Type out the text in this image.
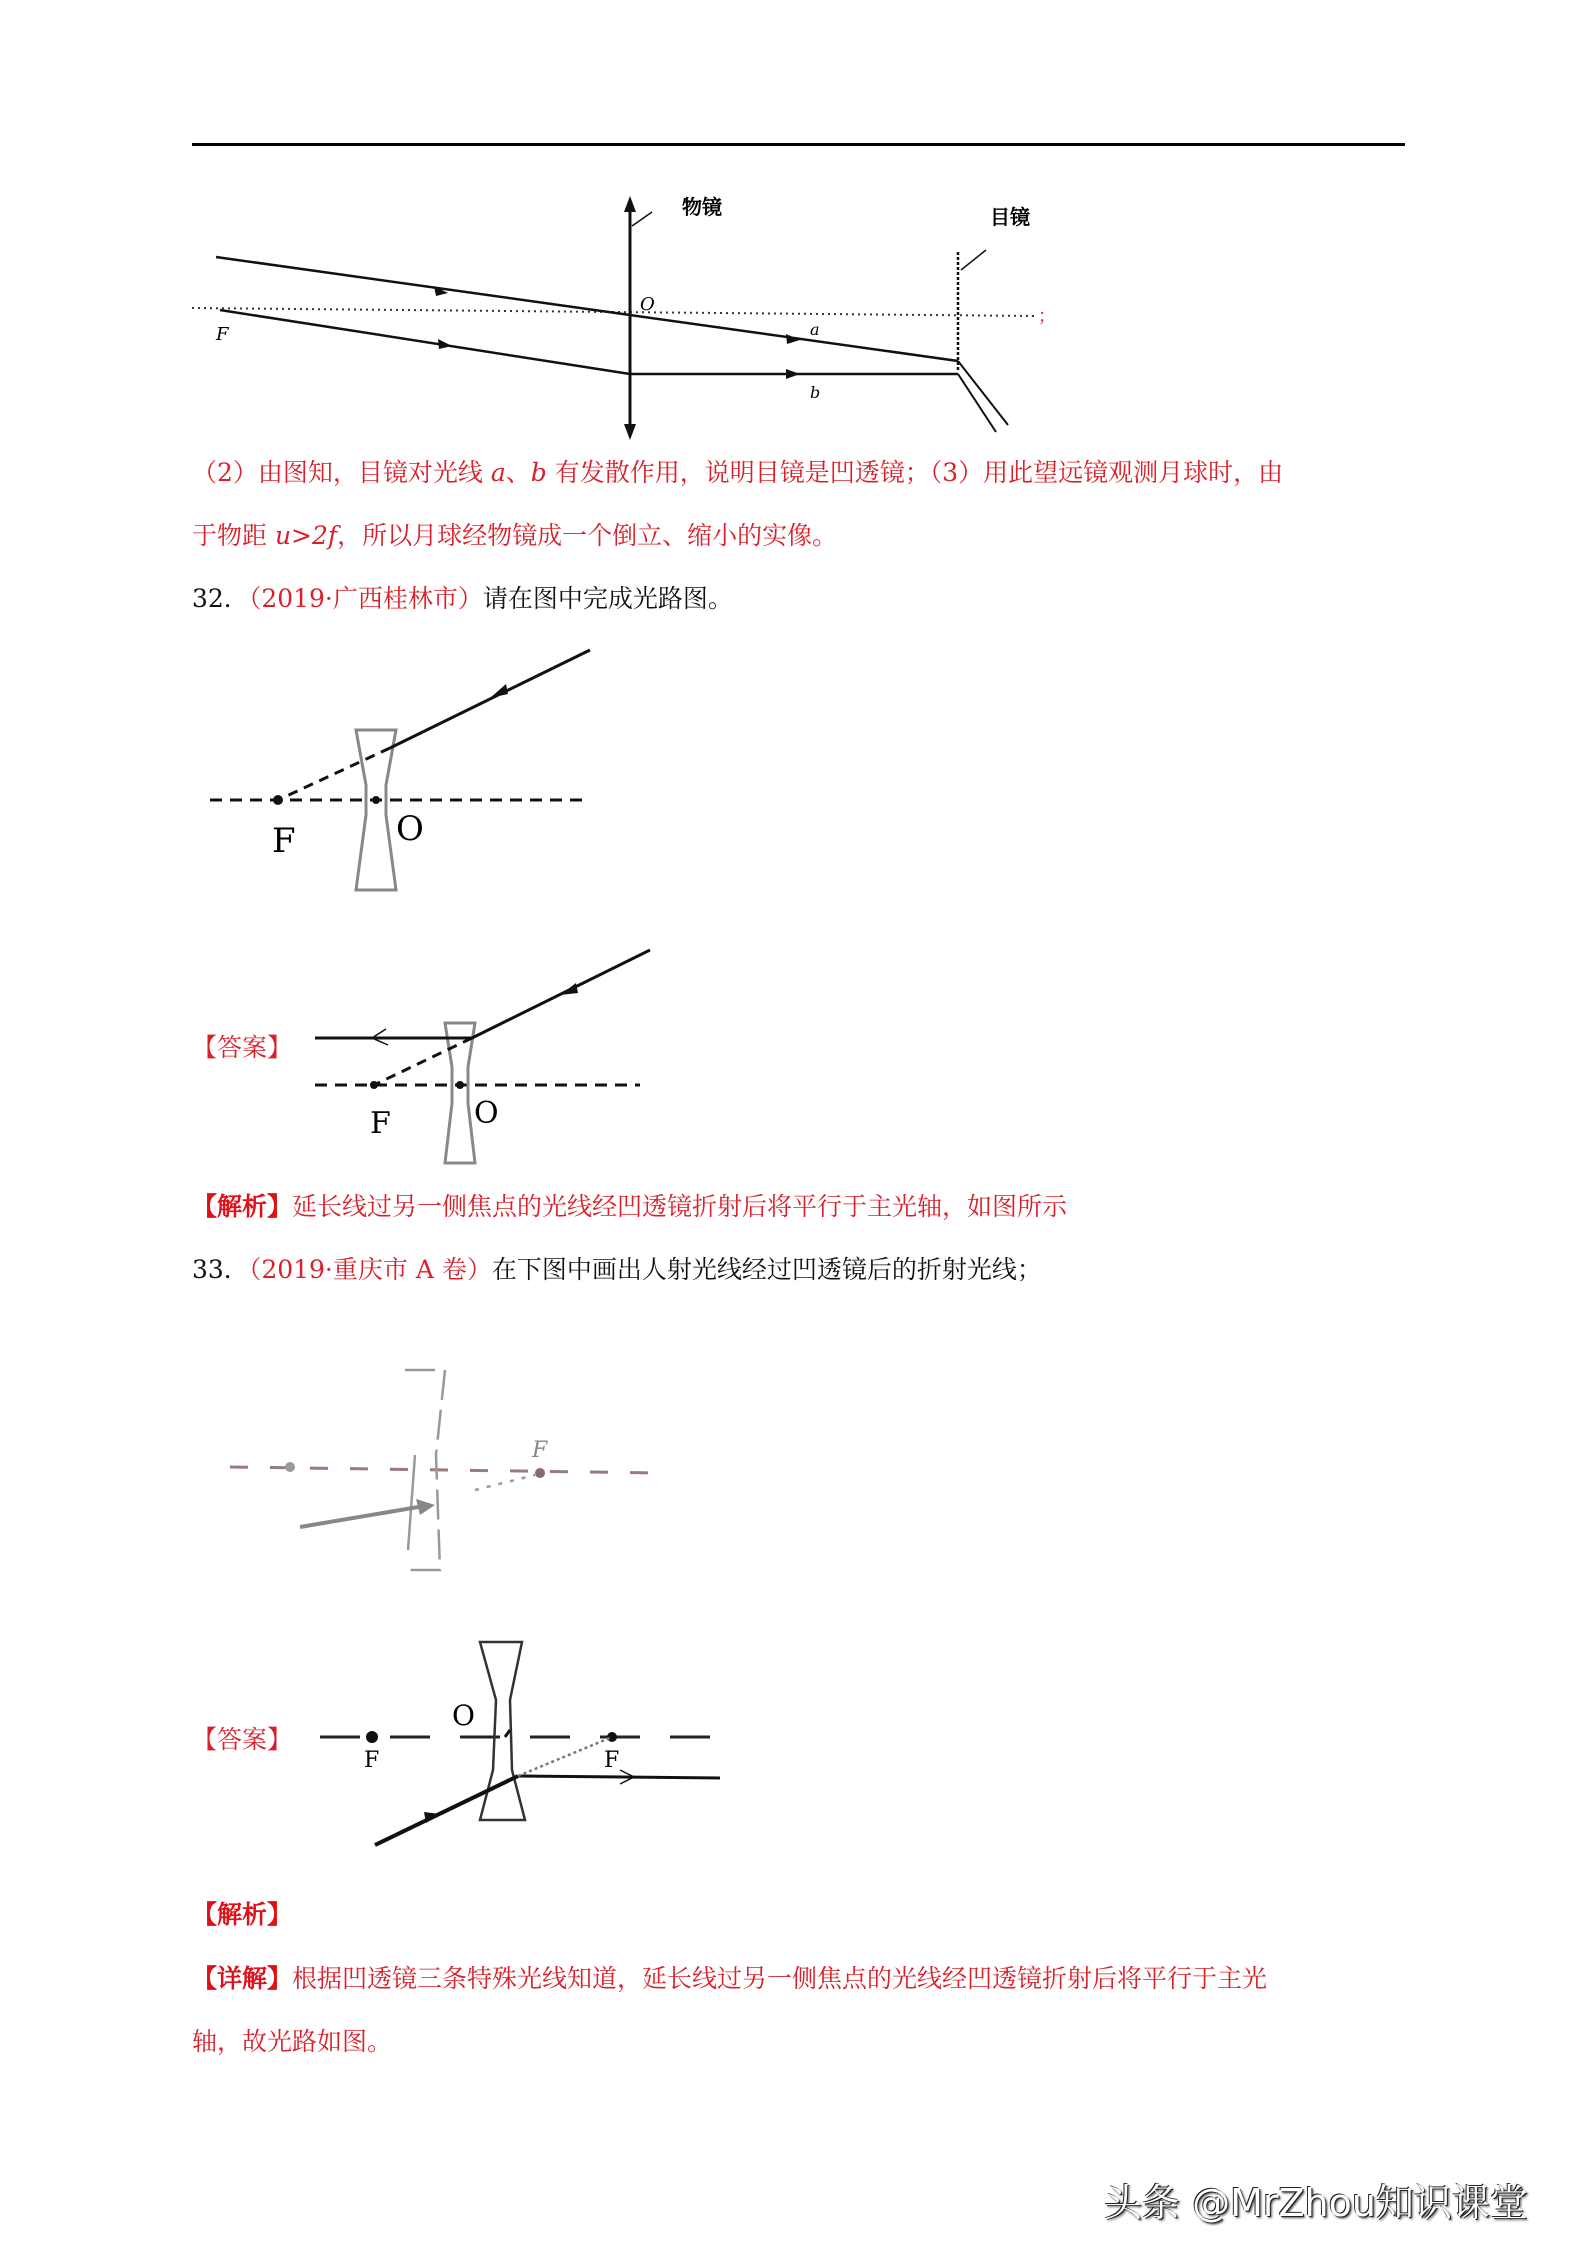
物镜	目镜
O
F	a
b
；
（2）由图知，目镜对光线 a、b 有发散作用，说明目镜是凹透镜；（3）用此望远镜观测月球时，由
于物距 u>2f，所以月球经物镜成一个倒立、缩小的实像。
32．（2019·广西桂林市）请在图中完成光路图。
F	O
【答案】
F	O
【解析】延长线过另一侧焦点的光线经凹透镜折射后将平行于主光轴，如图所示
33．（2019·重庆市 A 卷）在下图中画出人射光线经过凹透镜后的折射光线；
F
【答案】
F	F
O
【解析】
【详解】根据凹透镜三条特殊光线知道，延长线过另一侧焦点的光线经凹透镜折射后将平行于主光
轴，故光路如图。
头条 @MrZhou知识课堂
